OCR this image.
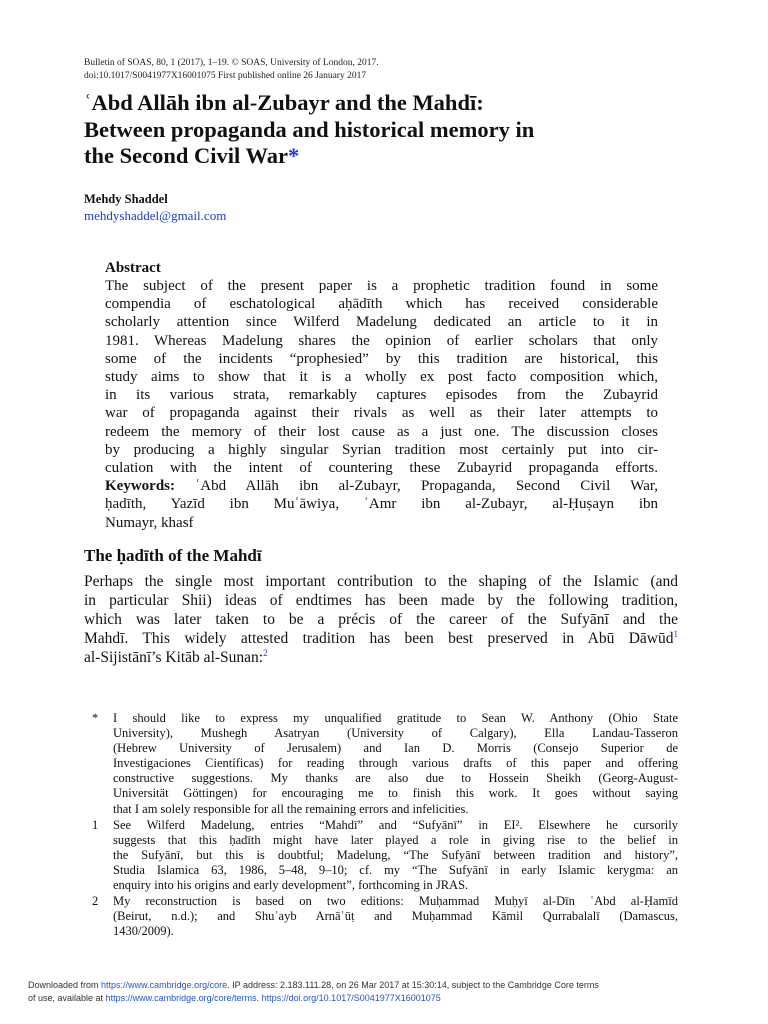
Bulletin of SOAS, 80, 1 (2017), 1–19. © SOAS, University of London, 2017.
doi:10.1017/S0041977X16001075 First published online 26 January 2017
ʿAbd Allāh ibn al-Zubayr and the Mahdī:
Between propaganda and historical memory in
the Second Civil War*
Mehdy Shaddel
mehdyshaddel@gmail.com
Abstract
The subject of the present paper is a prophetic tradition found in some
compendia of eschatological aḥādīth which has received considerable
scholarly attention since Wilferd Madelung dedicated an article to it in
1981. Whereas Madelung shares the opinion of earlier scholars that only
some of the incidents “prophesied” by this tradition are historical, this
study aims to show that it is a wholly ex post facto composition which,
in its various strata, remarkably captures episodes from the Zubayrid
war of propaganda against their rivals as well as their later attempts to
redeem the memory of their lost cause as a just one. The discussion closes
by producing a highly singular Syrian tradition most certainly put into cir-
culation with the intent of countering these Zubayrid propaganda efforts.
Keywords: ʿAbd Allāh ibn al-Zubayr, Propaganda, Second Civil War,
ḥadīth, Yazīd ibn Muʿāwiya, ʿAmr ibn al-Zubayr, al-Ḥuṣayn ibn
Numayr, khasf
The ḥadīth of the Mahdī
Perhaps the single most important contribution to the shaping of the Islamic (and
in particular Shii) ideas of endtimes has been made by the following tradition,
which was later taken to be a précis of the career of the Sufyānī and the
Mahdī. This widely attested tradition has been best preserved in Abū Dāwūd$^1$
al-Sijistānī’s Kitāb al-Sunan:$^2$
* I should like to express my unqualified gratitude to Sean W. Anthony (Ohio State
University), Mushegh Asatryan (University of Calgary), Ella Landau-Tasseron
(Hebrew University of Jerusalem) and Ian D. Morris (Consejo Superior de
Investigaciones Científicas) for reading through various drafts of this paper and offering
constructive suggestions. My thanks are also due to Hossein Sheikh (Georg-August-
Universität Göttingen) for encouraging me to finish this work. It goes without saying
that I am solely responsible for all the remaining errors and infelicities.
1 See Wilferd Madelung, entries “Mahdī” and “Sufyānī” in EI². Elsewhere he cursorily
suggests that this ḥadīth might have later played a role in giving rise to the belief in
the Sufyānī, but this is doubtful; Madelung, “The Sufyānī between tradition and history”,
Studia Islamica 63, 1986, 5–48, 9–10; cf. my “The Sufyānī in early Islamic kerygma: an
enquiry into his origins and early development”, forthcoming in JRAS.
2 My reconstruction is based on two editions: Muḥammad Muḥyī al-Dīn ʿAbd al-Ḥamīd
(Beirut, n.d.); and Shuʿayb Arnāʾūṭ and Muḥammad Kāmil Qurrabalalī (Damascus,
1430/2009).
Downloaded from https://www.cambridge.org/core. IP address: 2.183.111.28, on 26 Mar 2017 at 15:30:14, subject to the Cambridge Core terms
of use, available at https://www.cambridge.org/core/terms. https://doi.org/10.1017/S0041977X16001075
